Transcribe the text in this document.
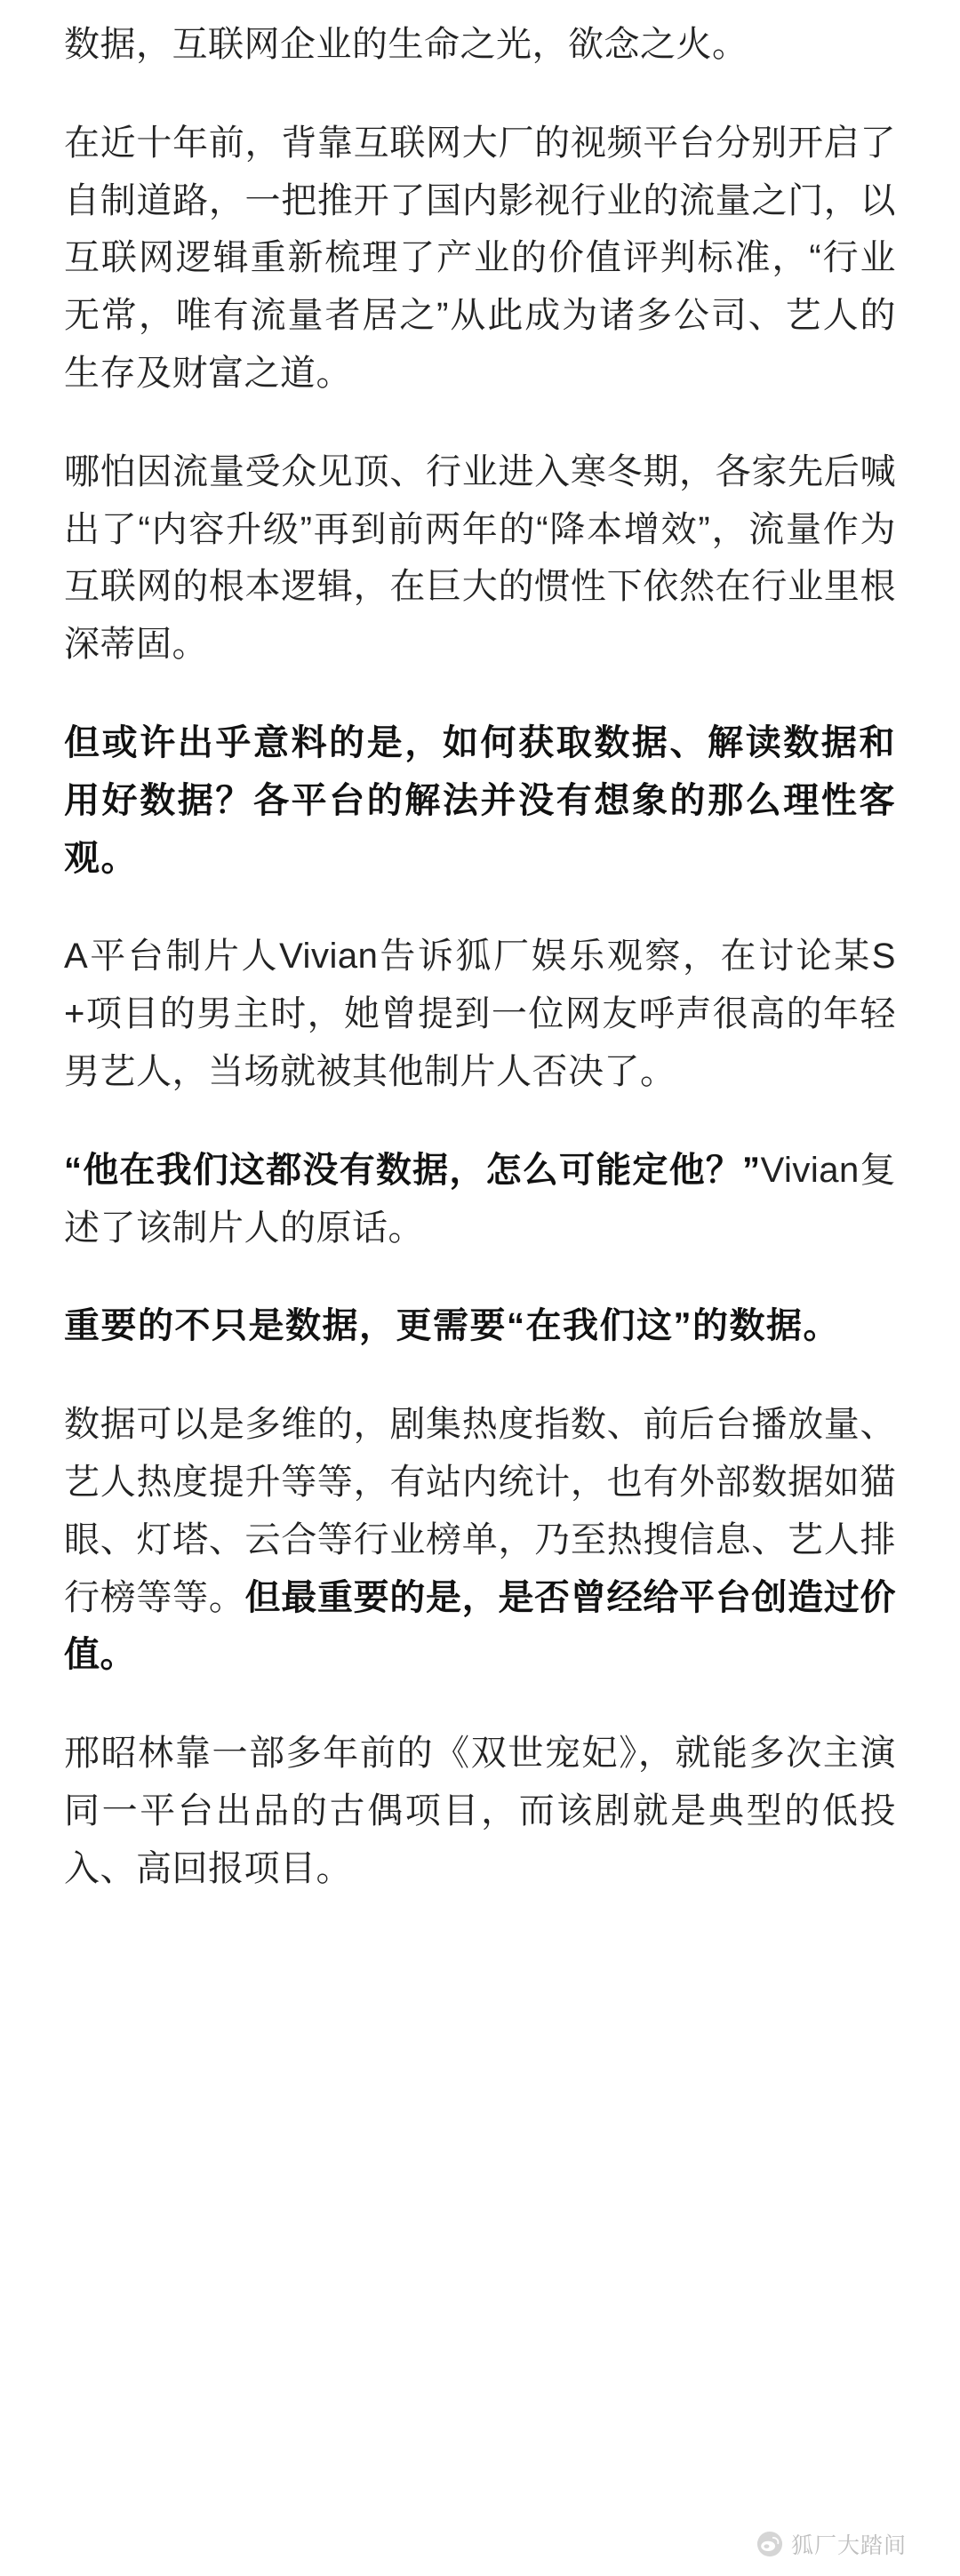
数据，互联网企业的生命之光，欲念之火。

在近十年前，背靠互联网大厂的视频平台分别开启了自制道路，一把推开了国内影视行业的流量之门，以互联网逻辑重新梳理了产业的价值评判标准，“行业无常，唯有流量者居之”从此成为诸多公司、艺人的生存及财富之道。

哪怕因流量受众见顶、行业进入寒冬期，各家先后喊出了“内容升级”再到前两年的“降本增效”，流量作为互联网的根本逻辑，在巨大的惯性下依然在行业里根深蒂固。

但或许出乎意料的是，如何获取数据、解读数据和用好数据？各平台的解法并没有想象的那么理性客观。

A平台制片人Vivian告诉狐厂娱乐观察，在讨论某S+项目的男主时，她曾提到一位网友呼声很高的年轻男艺人，当场就被其他制片人否决了。

“他在我们这都没有数据，怎么可能定他？”Vivian复述了该制片人的原话。

重要的不只是数据，更需要“在我们这”的数据。

数据可以是多维的，剧集热度指数、前后台播放量、艺人热度提升等等，有站内统计，也有外部数据如猫眼、灯塔、云合等行业榜单，乃至热搜信息、艺人排行榜等等。但最重要的是，是否曾经给平台创造过价值。

邢昭林靠一部多年前的《双世宠妃》，就能多次主演同一平台出品的古偶项目，而该剧就是典型的低投入、高回报项目。

狐厂大踏间
